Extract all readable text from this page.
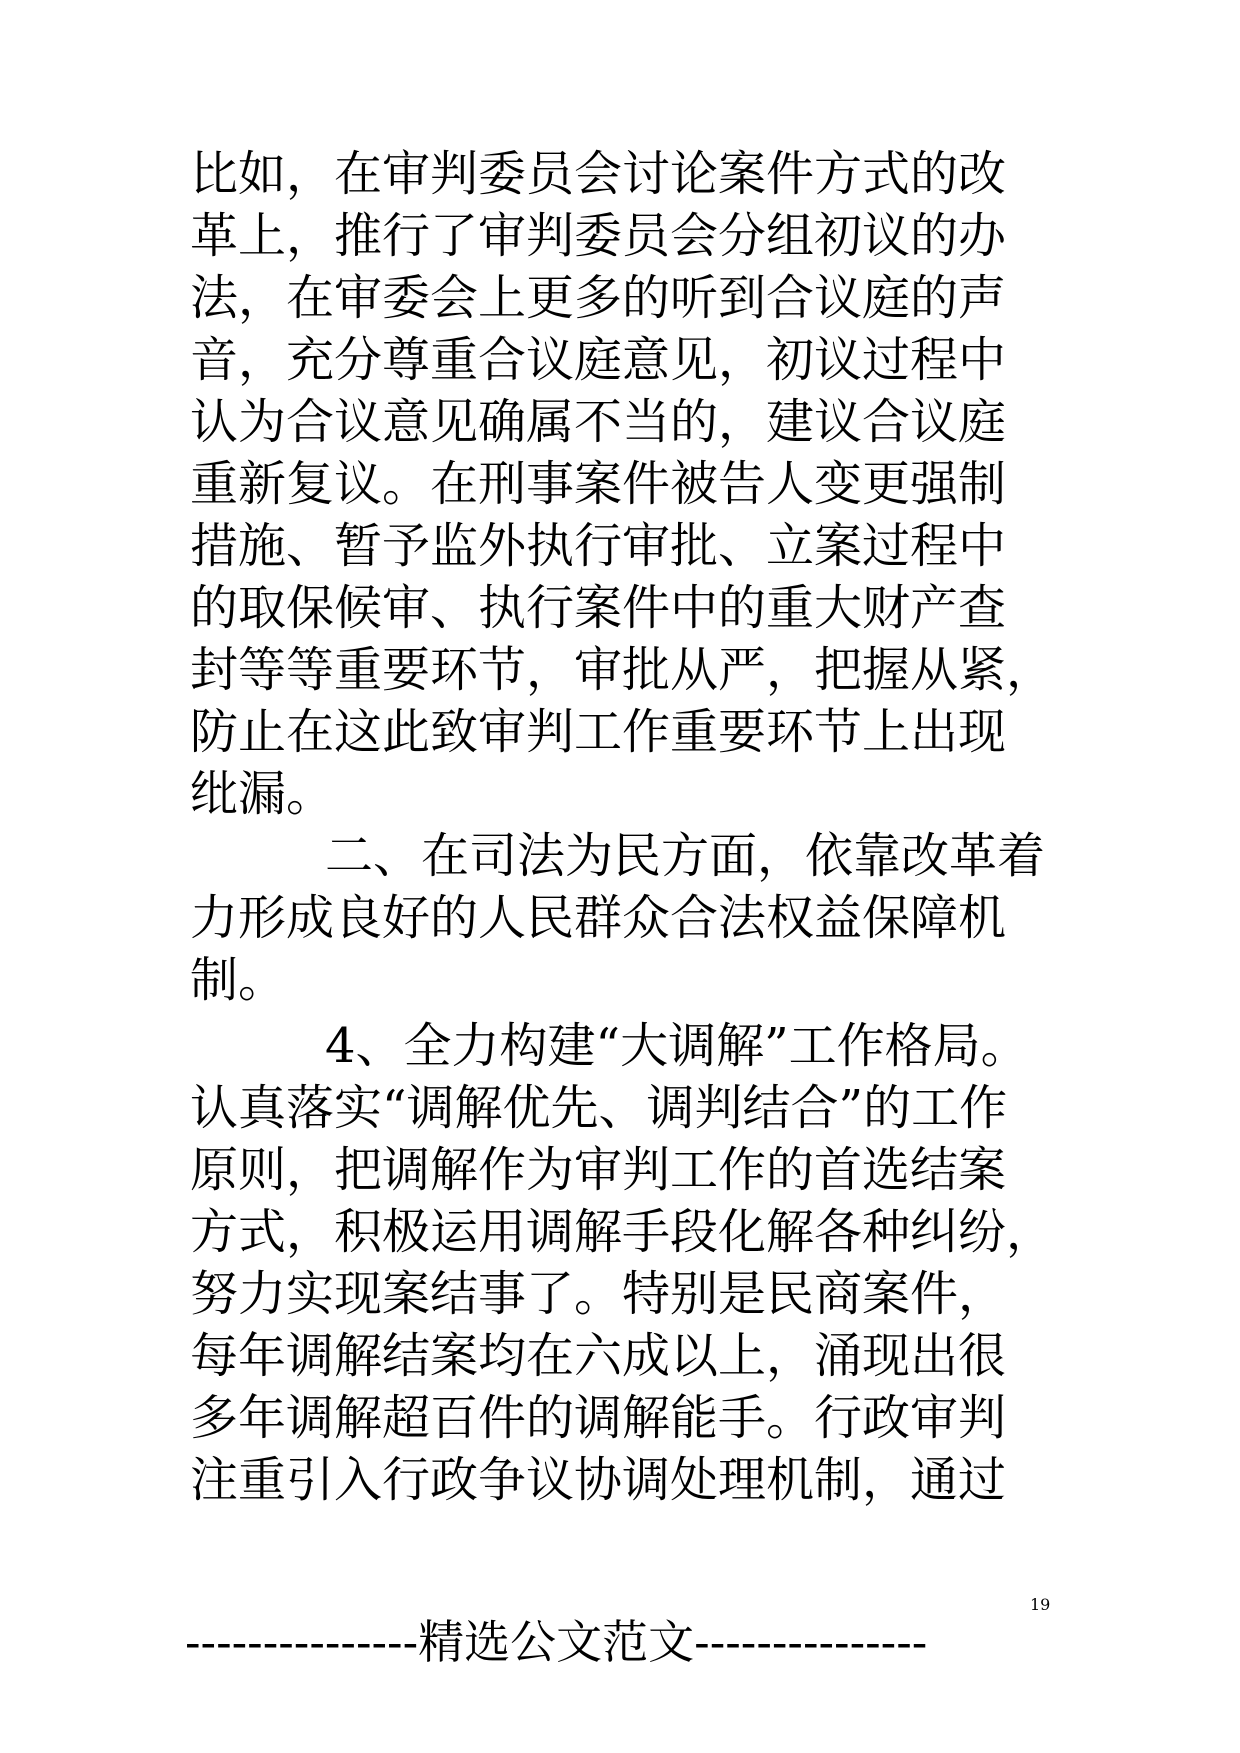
比如，在审判委员会讨论案件方式的改
革上，推行了审判委员会分组初议的办
法，在审委会上更多的听到合议庭的声
音，充分尊重合议庭意见，初议过程中
认为合议意见确属不当的，建议合议庭
重新复议。在刑事案件被告人变更强制
措施、暂予监外执行审批、立案过程中
的取保候审、执行案件中的重大财产查
封等等重要环节，审批从严，把握从紧，
防止在这此致审判工作重要环节上出现
纰漏。
二、在司法为民方面，依靠改革着
力形成良好的人民群众合法权益保障机
制。
4、全力构建“大调解”工作格局。
认真落实“调解优先、调判结合”的工作
原则，把调解作为审判工作的首选结案
方式，积极运用调解手段化解各种纠纷，
努力实现案结事了。特别是民商案件，
每年调解结案均在六成以上，涌现出很
多年调解超百件的调解能手。行政审判
注重引入行政争议协调处理机制，通过
19
---------------精选公文范文---------------
